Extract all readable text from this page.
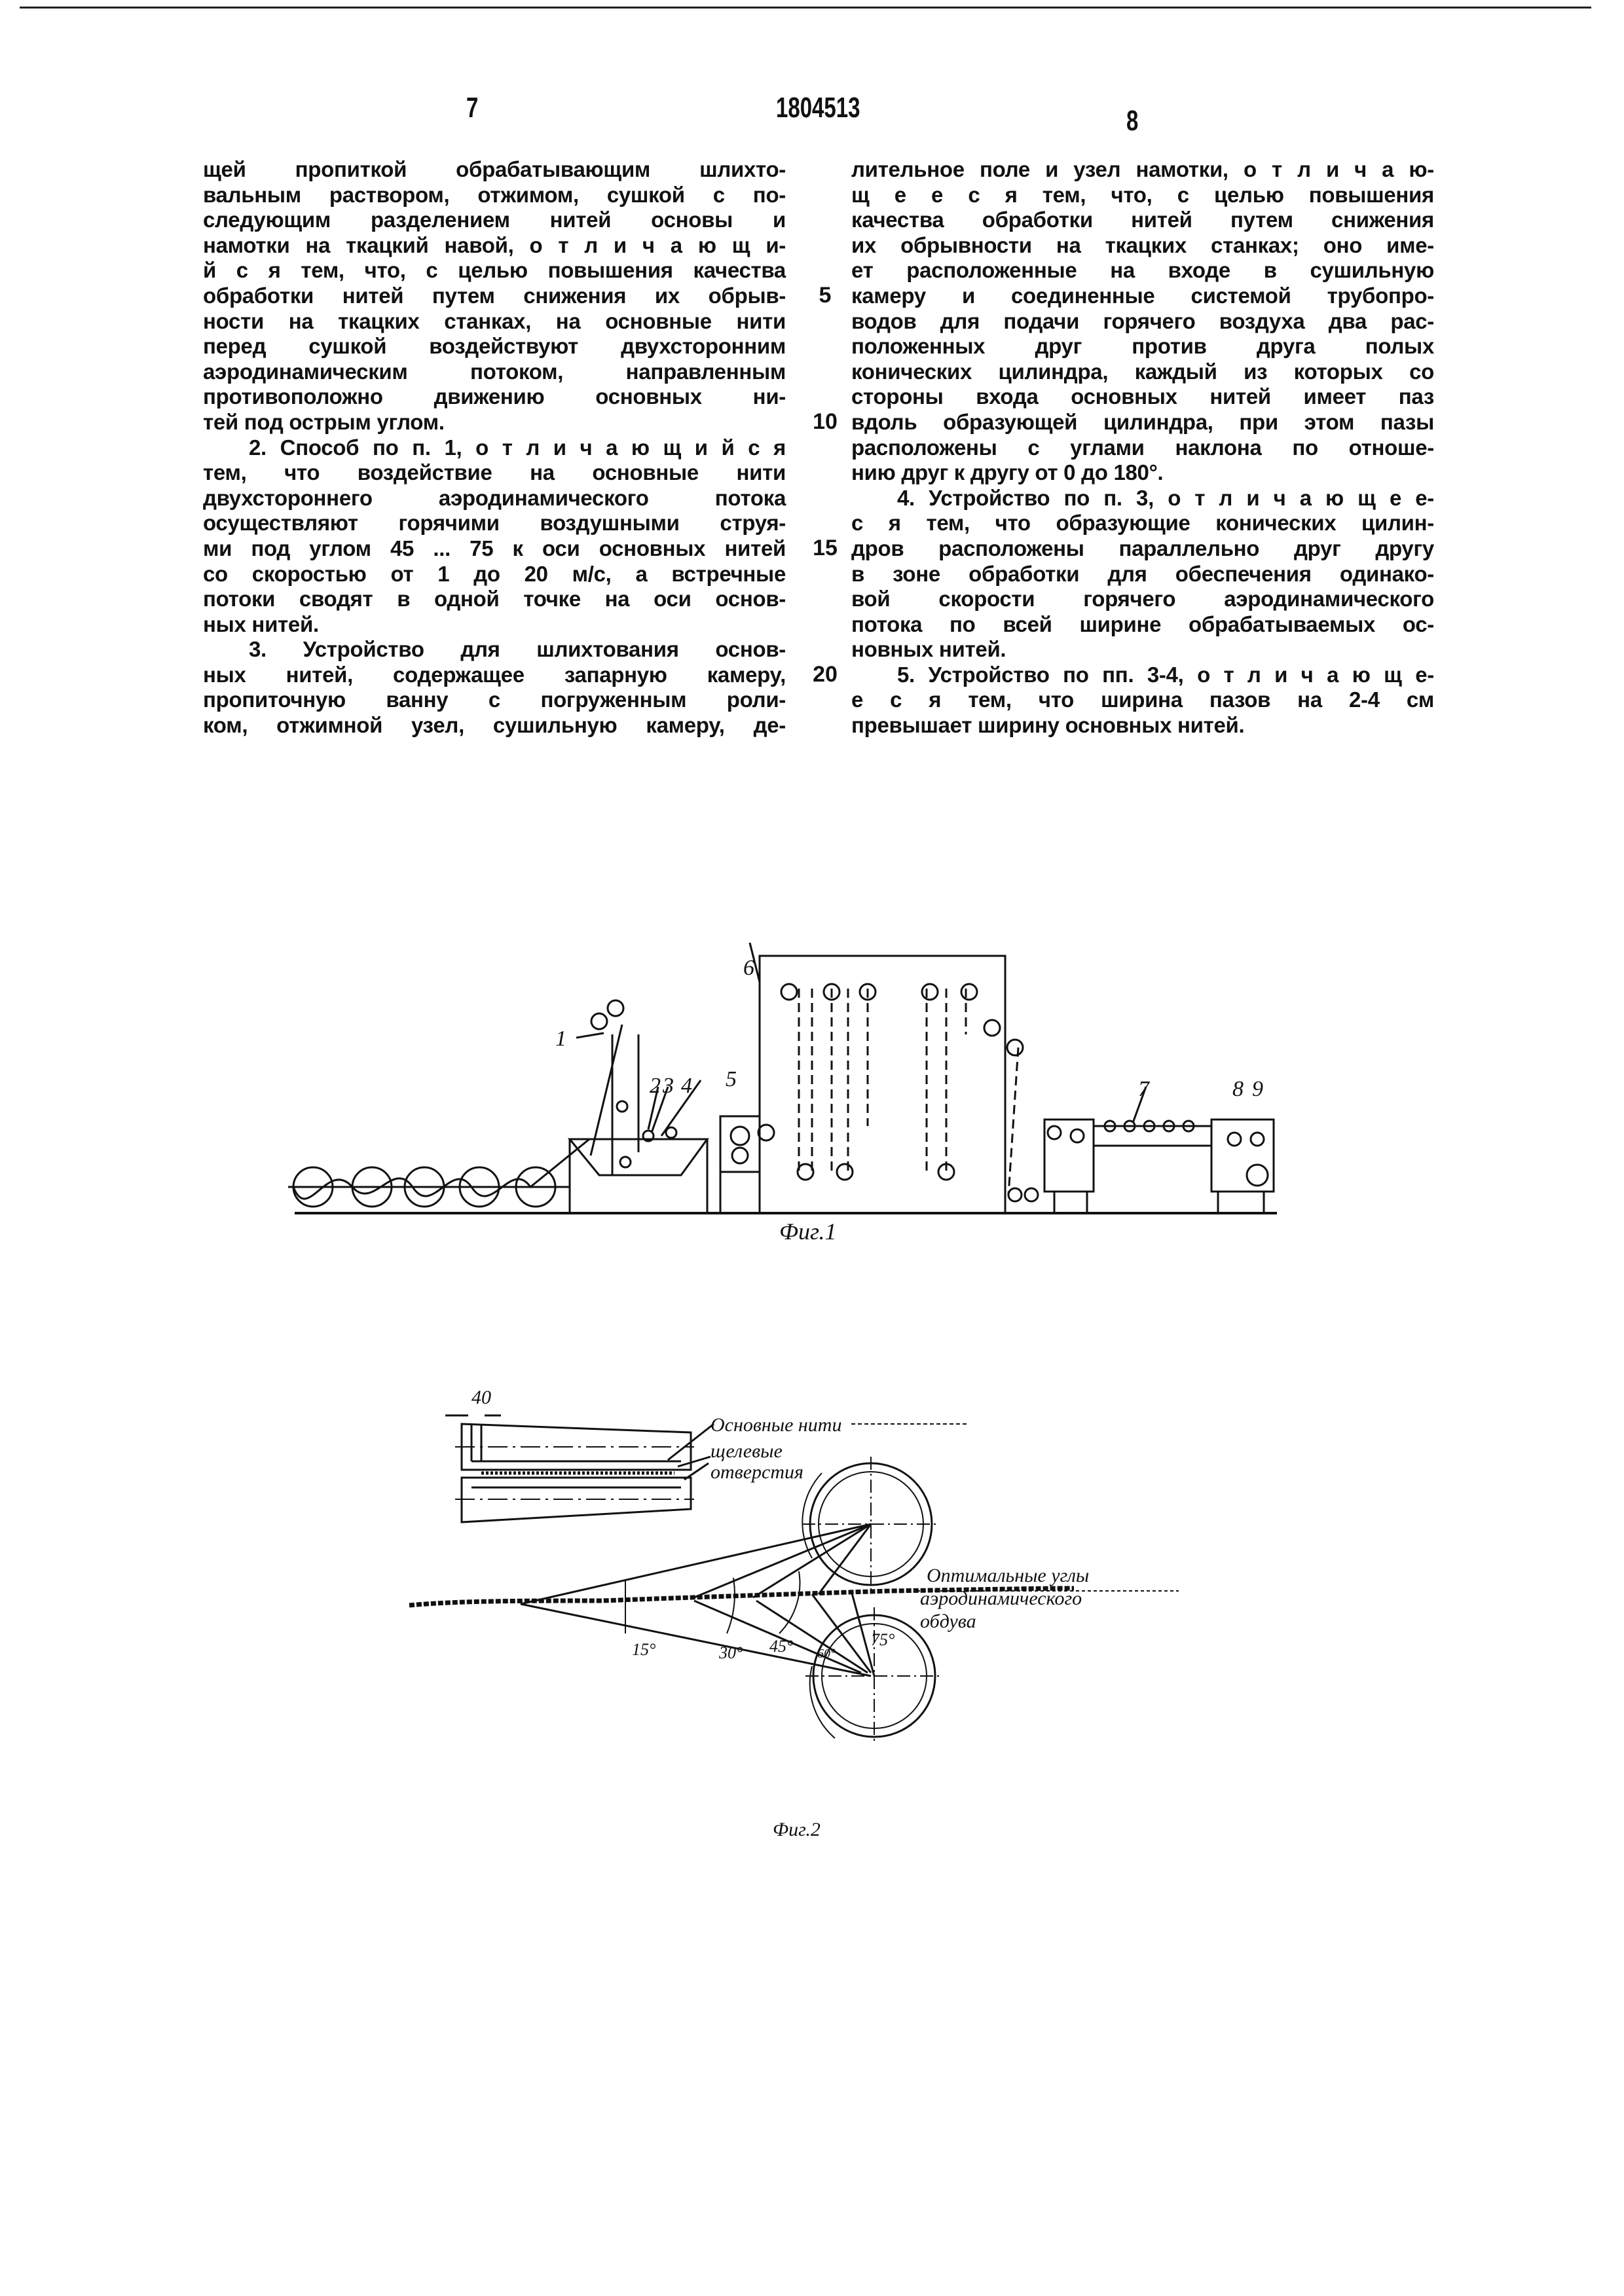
7	1804513	8
щей пропиткой обрабатывающим шлихто-
вальным раствором, отжимом, сушкой с по-
следующим разделением нитей основы и
намотки на ткацкий навой, о т л и ч а ю щ и-
й с я тем, что, с целью повышения качества
обработки нитей путем снижения их обрыв-
ности на ткацких станках, на основные нити
перед сушкой воздействуют двухсторонним
аэродинамическим потоком, направленным
противоположно движению основных ни-
тей под острым углом.
2. Способ по п. 1, о т л и ч а ю щ и й с я
тем, что воздействие на основные нити
двухстороннего аэродинамического потока
осуществляют горячими воздушными струя-
ми под углом 45 ... 75 к оси основных нитей
со скоростью от 1 до 20 м/с, а встречные
потоки сводят в одной точке на оси основ-
ных нитей.
3. Устройство для шлихтования основ-
ных нитей, содержащее запарную камеру,
пропиточную ванну с погруженным роли-
ком, отжимной узел, сушильную камеру, де-
лительное поле и узел намотки, о т л и ч а ю-
щ е е с я тем, что, с целью повышения
качества обработки нитей путем снижения
их обрывности на ткацких станках; оно име-
ет расположенные на входе в сушильную
камеру и соединенные системой трубопро-
водов для подачи горячего воздуха два рас-
положенных друг против друга полых
конических цилиндра, каждый из которых со
стороны входа основных нитей имеет паз
вдоль образующей цилиндра, при этом пазы
расположены с углами наклона по отноше-
нию друг к другу от 0 до 180°.
4. Устройство по п. 3, о т л и ч а ю щ е е-
с я тем, что образующие конических цилин-
дров расположены параллельно друг другу
в зоне обработки для обеспечения одинако-
вой скорости горячего аэродинамического
потока по всей ширине обрабатываемых ос-
новных нитей.
5. Устройство по пп. 3-4, о т л и ч а ю щ е-
е с я тем, что ширина пазов на 2-4 см
превышает ширину основных нитей.
5
10
15
20
1
2 3 4 5
6
7	8 9
Фиг.1
40
Основные нити
щелевые
отверстия
Оптимальные углы
аэродинамического
обдува
15°	30° 45° 60°
75°
Фиг.2
